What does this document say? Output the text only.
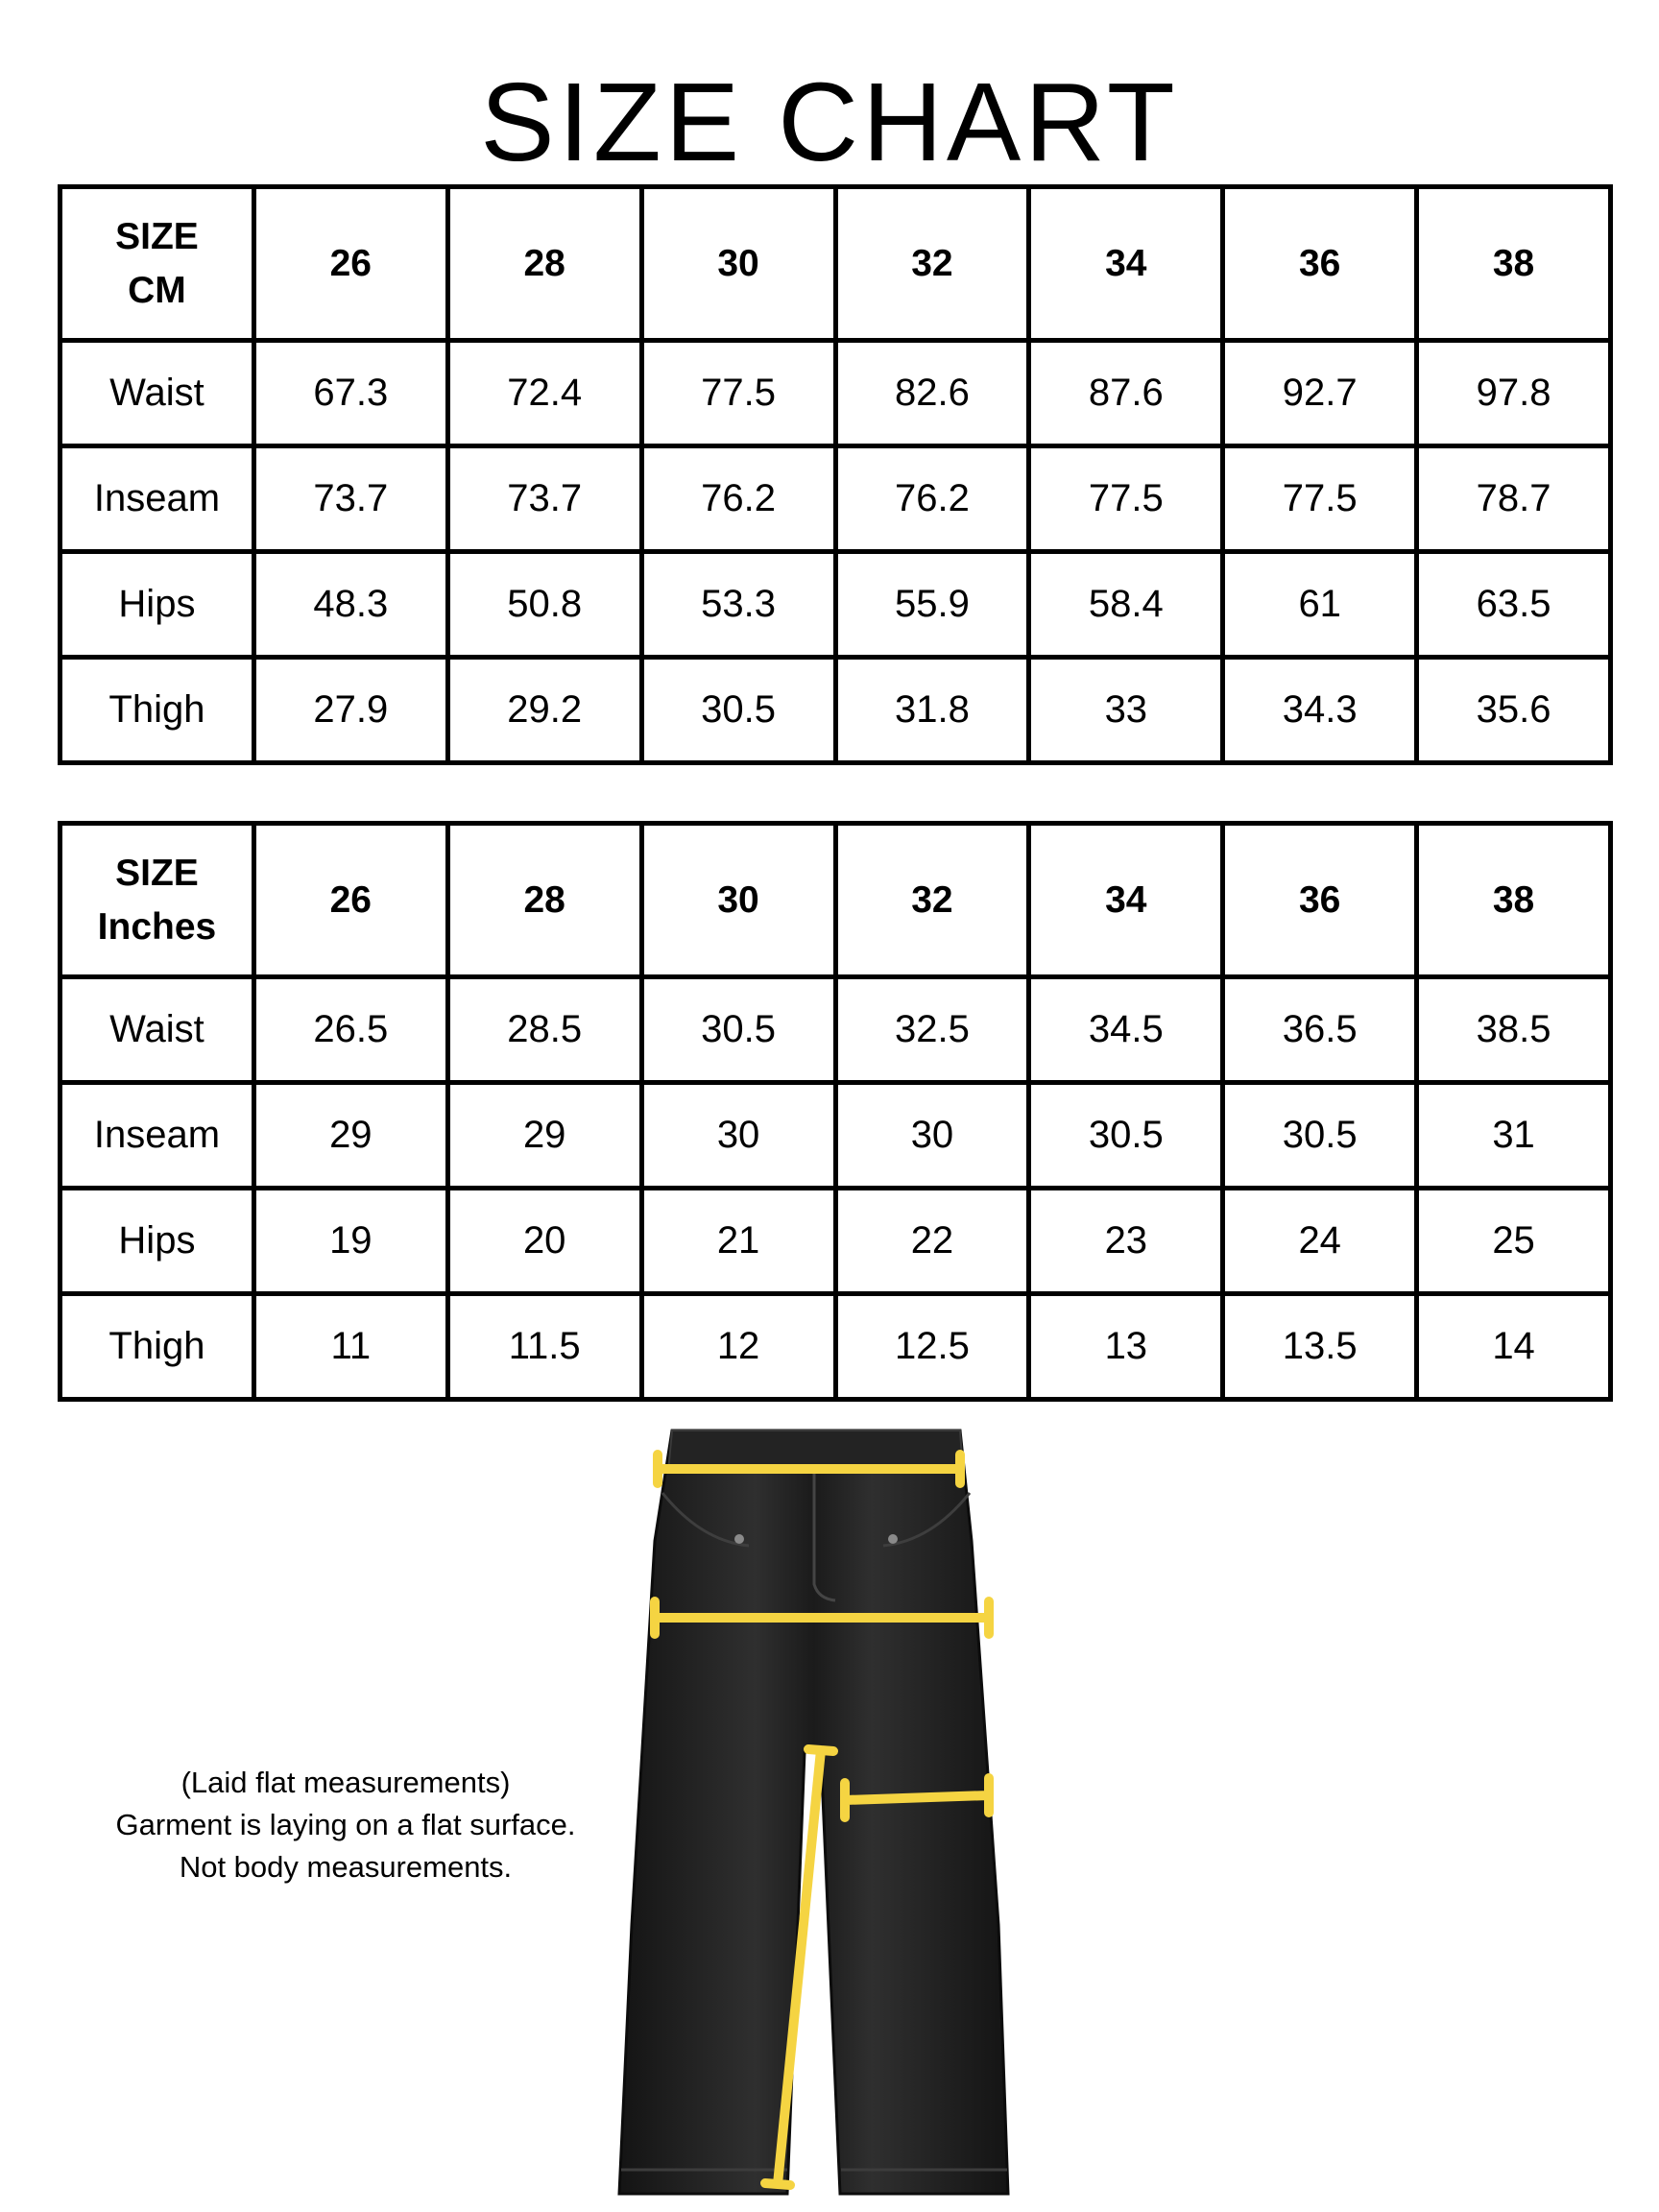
SIZE CHART
SIZE
CM	26	28	30	32	34	36	38
Waist	67.3	72.4	77.5	82.6	87.6	92.7	97.8
Inseam	73.7	73.7	76.2	76.2	77.5	77.5	78.7
Hips	48.3	50.8	53.3	55.9	58.4	61	63.5
Thigh	27.9	29.2	30.5	31.8	33	34.3	35.6
SIZE
Inches	26	28	30	32	34	36	38
Waist	26.5	28.5	30.5	32.5	34.5	36.5	38.5
Inseam	29	29	30	30	30.5	30.5	31
Hips	19	20	21	22	23	24	25
Thigh	11	11.5	12	12.5	13	13.5	14
(Laid flat measurements)
Garment is laying on a flat surface.
Not body measurements.
